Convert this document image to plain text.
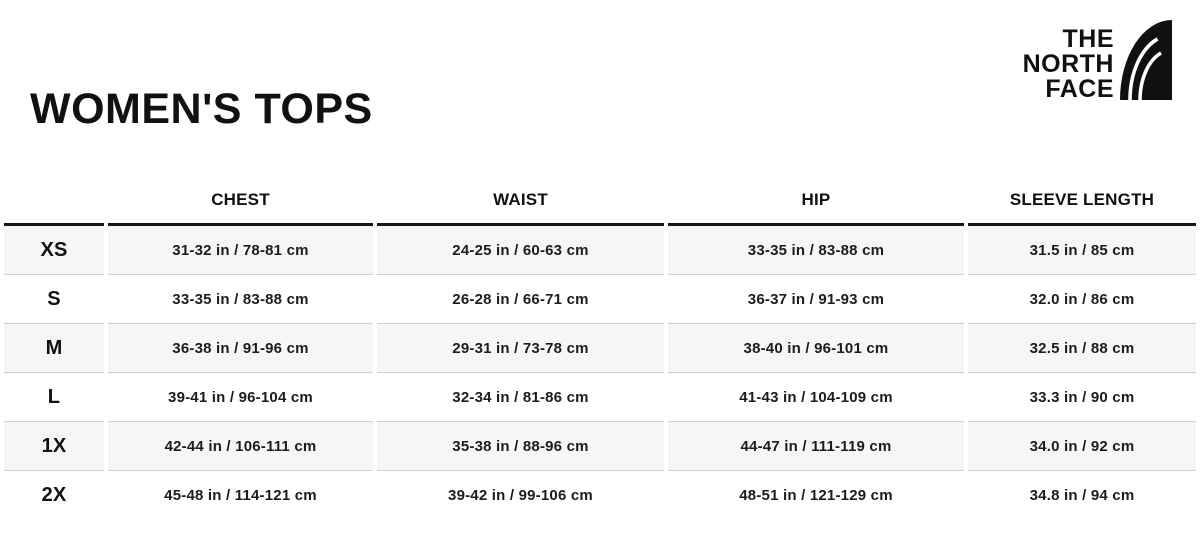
WOMEN'S TOPS
THE
NORTH
FACE
	CHEST	WAIST	HIP	SLEEVE LENGTH
XS	31-32 in / 78-81 cm	24-25 in / 60-63 cm	33-35 in / 83-88 cm	31.5 in / 85 cm
S	33-35 in / 83-88 cm	26-28 in / 66-71 cm	36-37 in / 91-93 cm	32.0 in / 86 cm
M	36-38 in / 91-96 cm	29-31 in / 73-78 cm	38-40 in / 96-101 cm	32.5 in / 88 cm
L	39-41 in / 96-104 cm	32-34 in / 81-86 cm	41-43 in / 104-109 cm	33.3 in / 90 cm
1X	42-44 in / 106-111 cm	35-38 in / 88-96 cm	44-47 in / 111-119 cm	34.0 in / 92 cm
2X	45-48 in / 114-121 cm	39-42 in / 99-106 cm	48-51 in / 121-129 cm	34.8 in / 94 cm
